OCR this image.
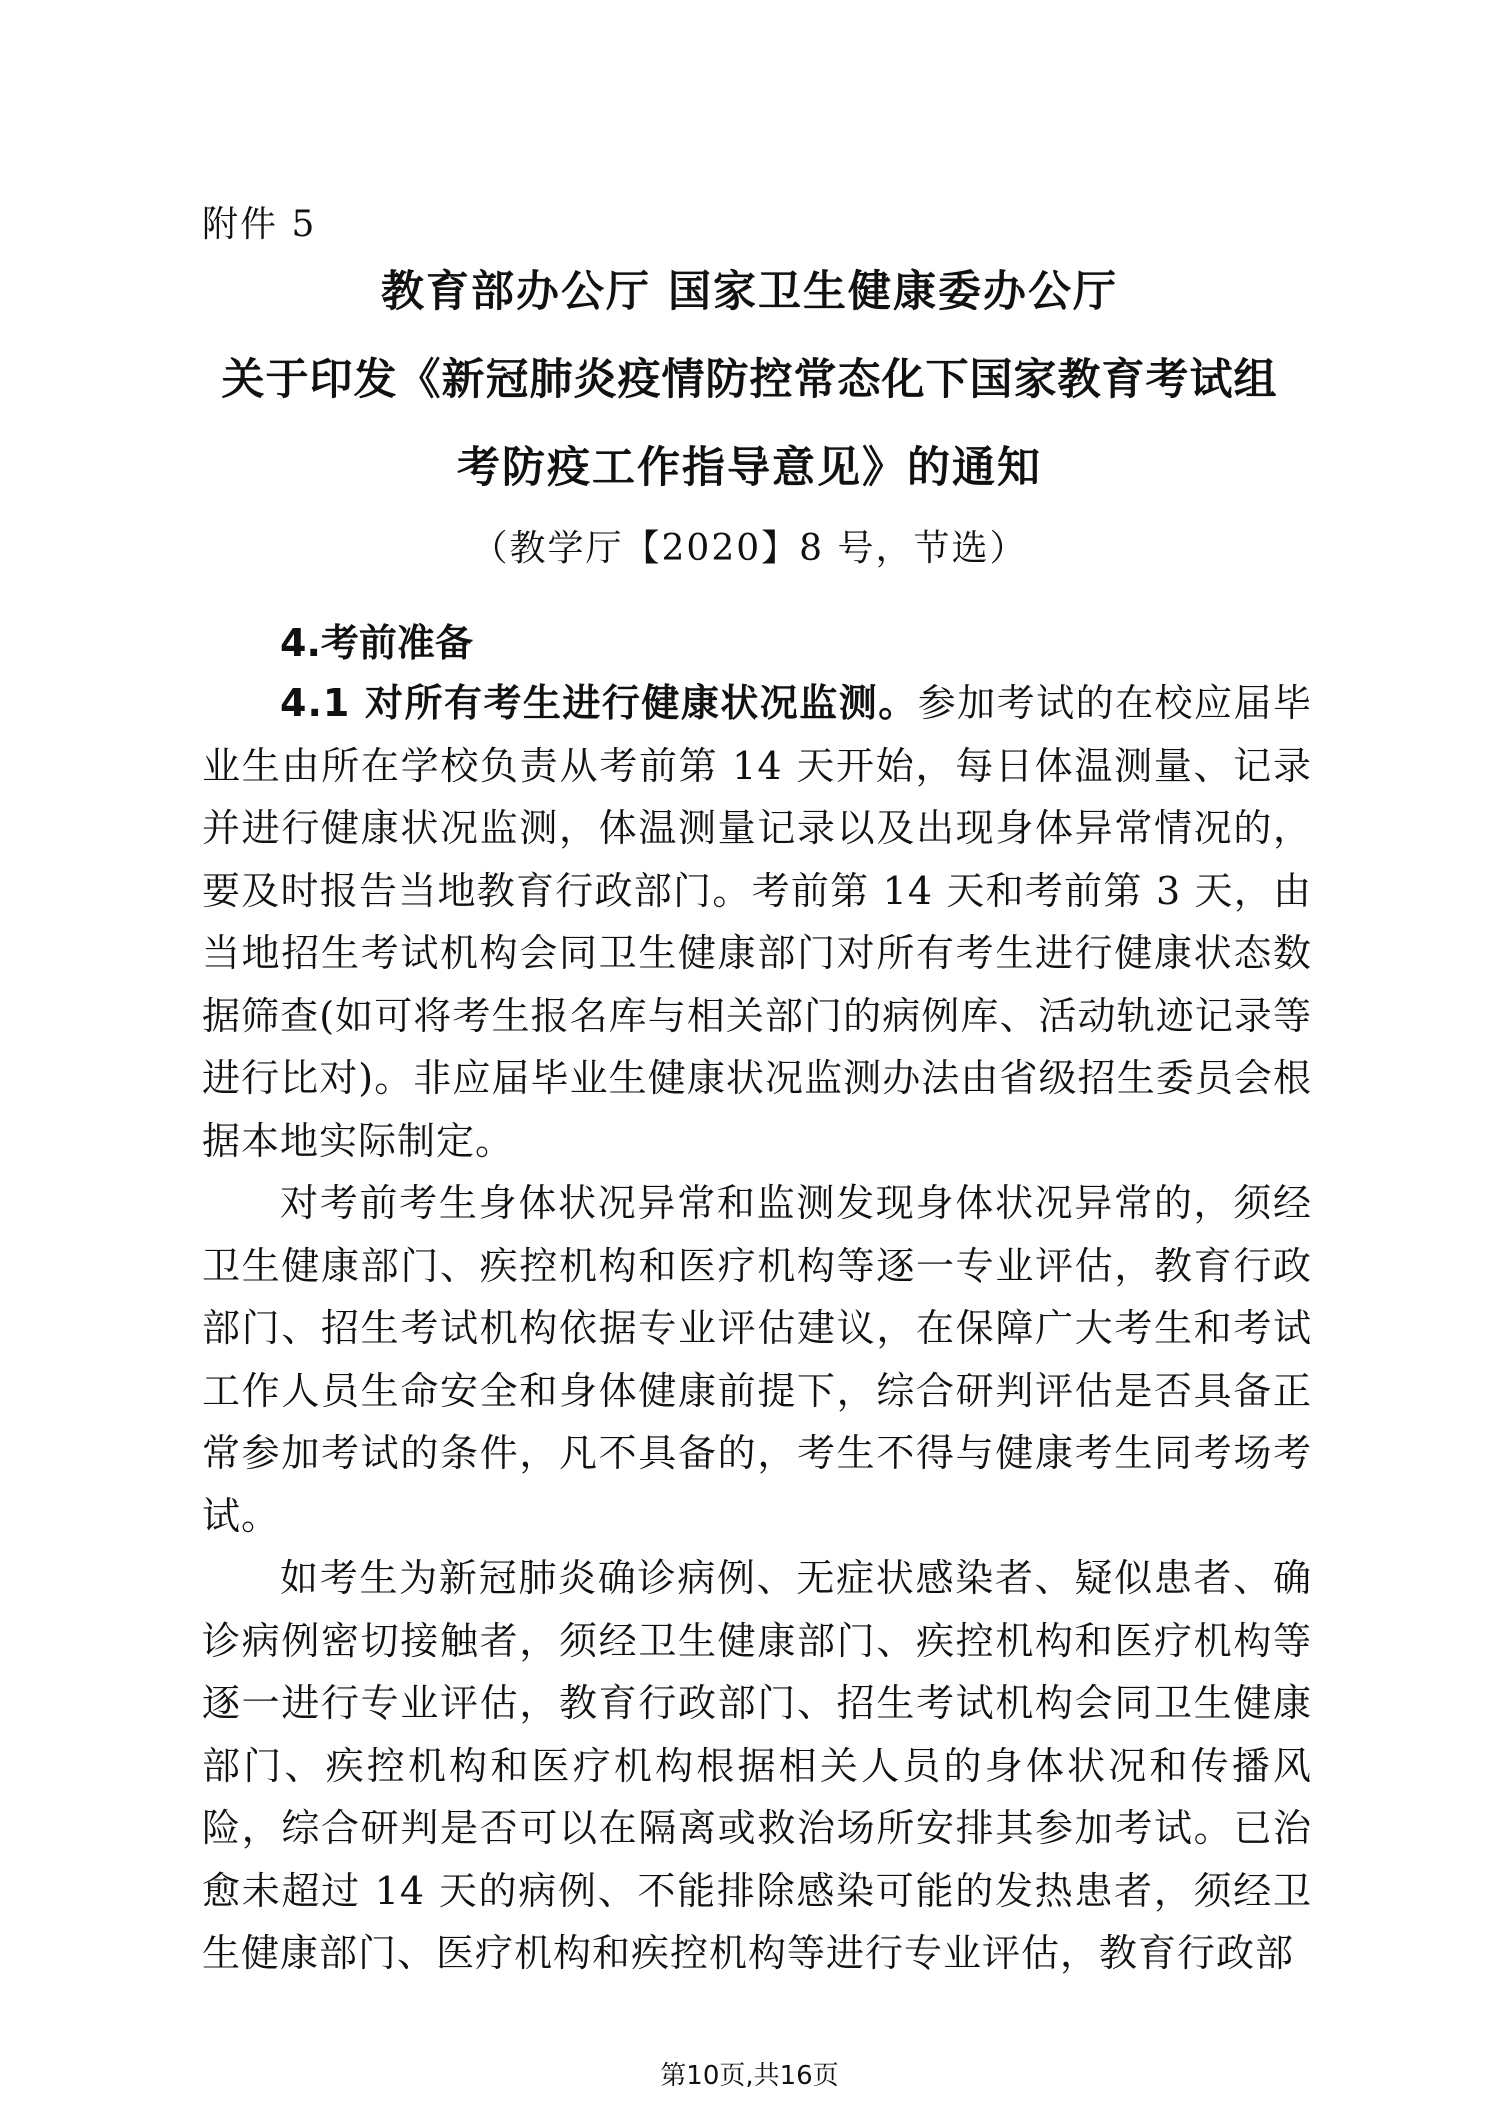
附件 5
教育部办公厅 国家卫生健康委办公厅
关于印发《新冠肺炎疫情防控常态化下国家教育考试组
考防疫工作指导意见》的通知
（教学厅【2020】8 号，节选）
4.考前准备

4.1 对所有考生进行健康状况监测。参加考试的在校应届毕业生由所在学校负责从考前第 14 天开始，每日体温测量、记录并进行健康状况监测，体温测量记录以及出现身体异常情况的，要及时报告当地教育行政部门。考前第 14 天和考前第 3 天，由当地招生考试机构会同卫生健康部门对所有考生进行健康状态数据筛查(如可将考生报名库与相关部门的病例库、活动轨迹记录等进行比对)。非应届毕业生健康状况监测办法由省级招生委员会根据本地实际制定。

对考前考生身体状况异常和监测发现身体状况异常的，须经卫生健康部门、疾控机构和医疗机构等逐一专业评估，教育行政部门、招生考试机构依据专业评估建议，在保障广大考生和考试工作人员生命安全和身体健康前提下，综合研判评估是否具备正常参加考试的条件，凡不具备的，考生不得与健康考生同考场考试。

如考生为新冠肺炎确诊病例、无症状感染者、疑似患者、确诊病例密切接触者，须经卫生健康部门、疾控机构和医疗机构等逐一进行专业评估，教育行政部门、招生考试机构会同卫生健康部门、疾控机构和医疗机构根据相关人员的身体状况和传播风险，综合研判是否可以在隔离或救治场所安排其参加考试。已治愈未超过 14 天的病例、不能排除感染可能的发热患者，须经卫生健康部门、医疗机构和疾控机构等进行专业评估，教育行政部

第10页,共16页
